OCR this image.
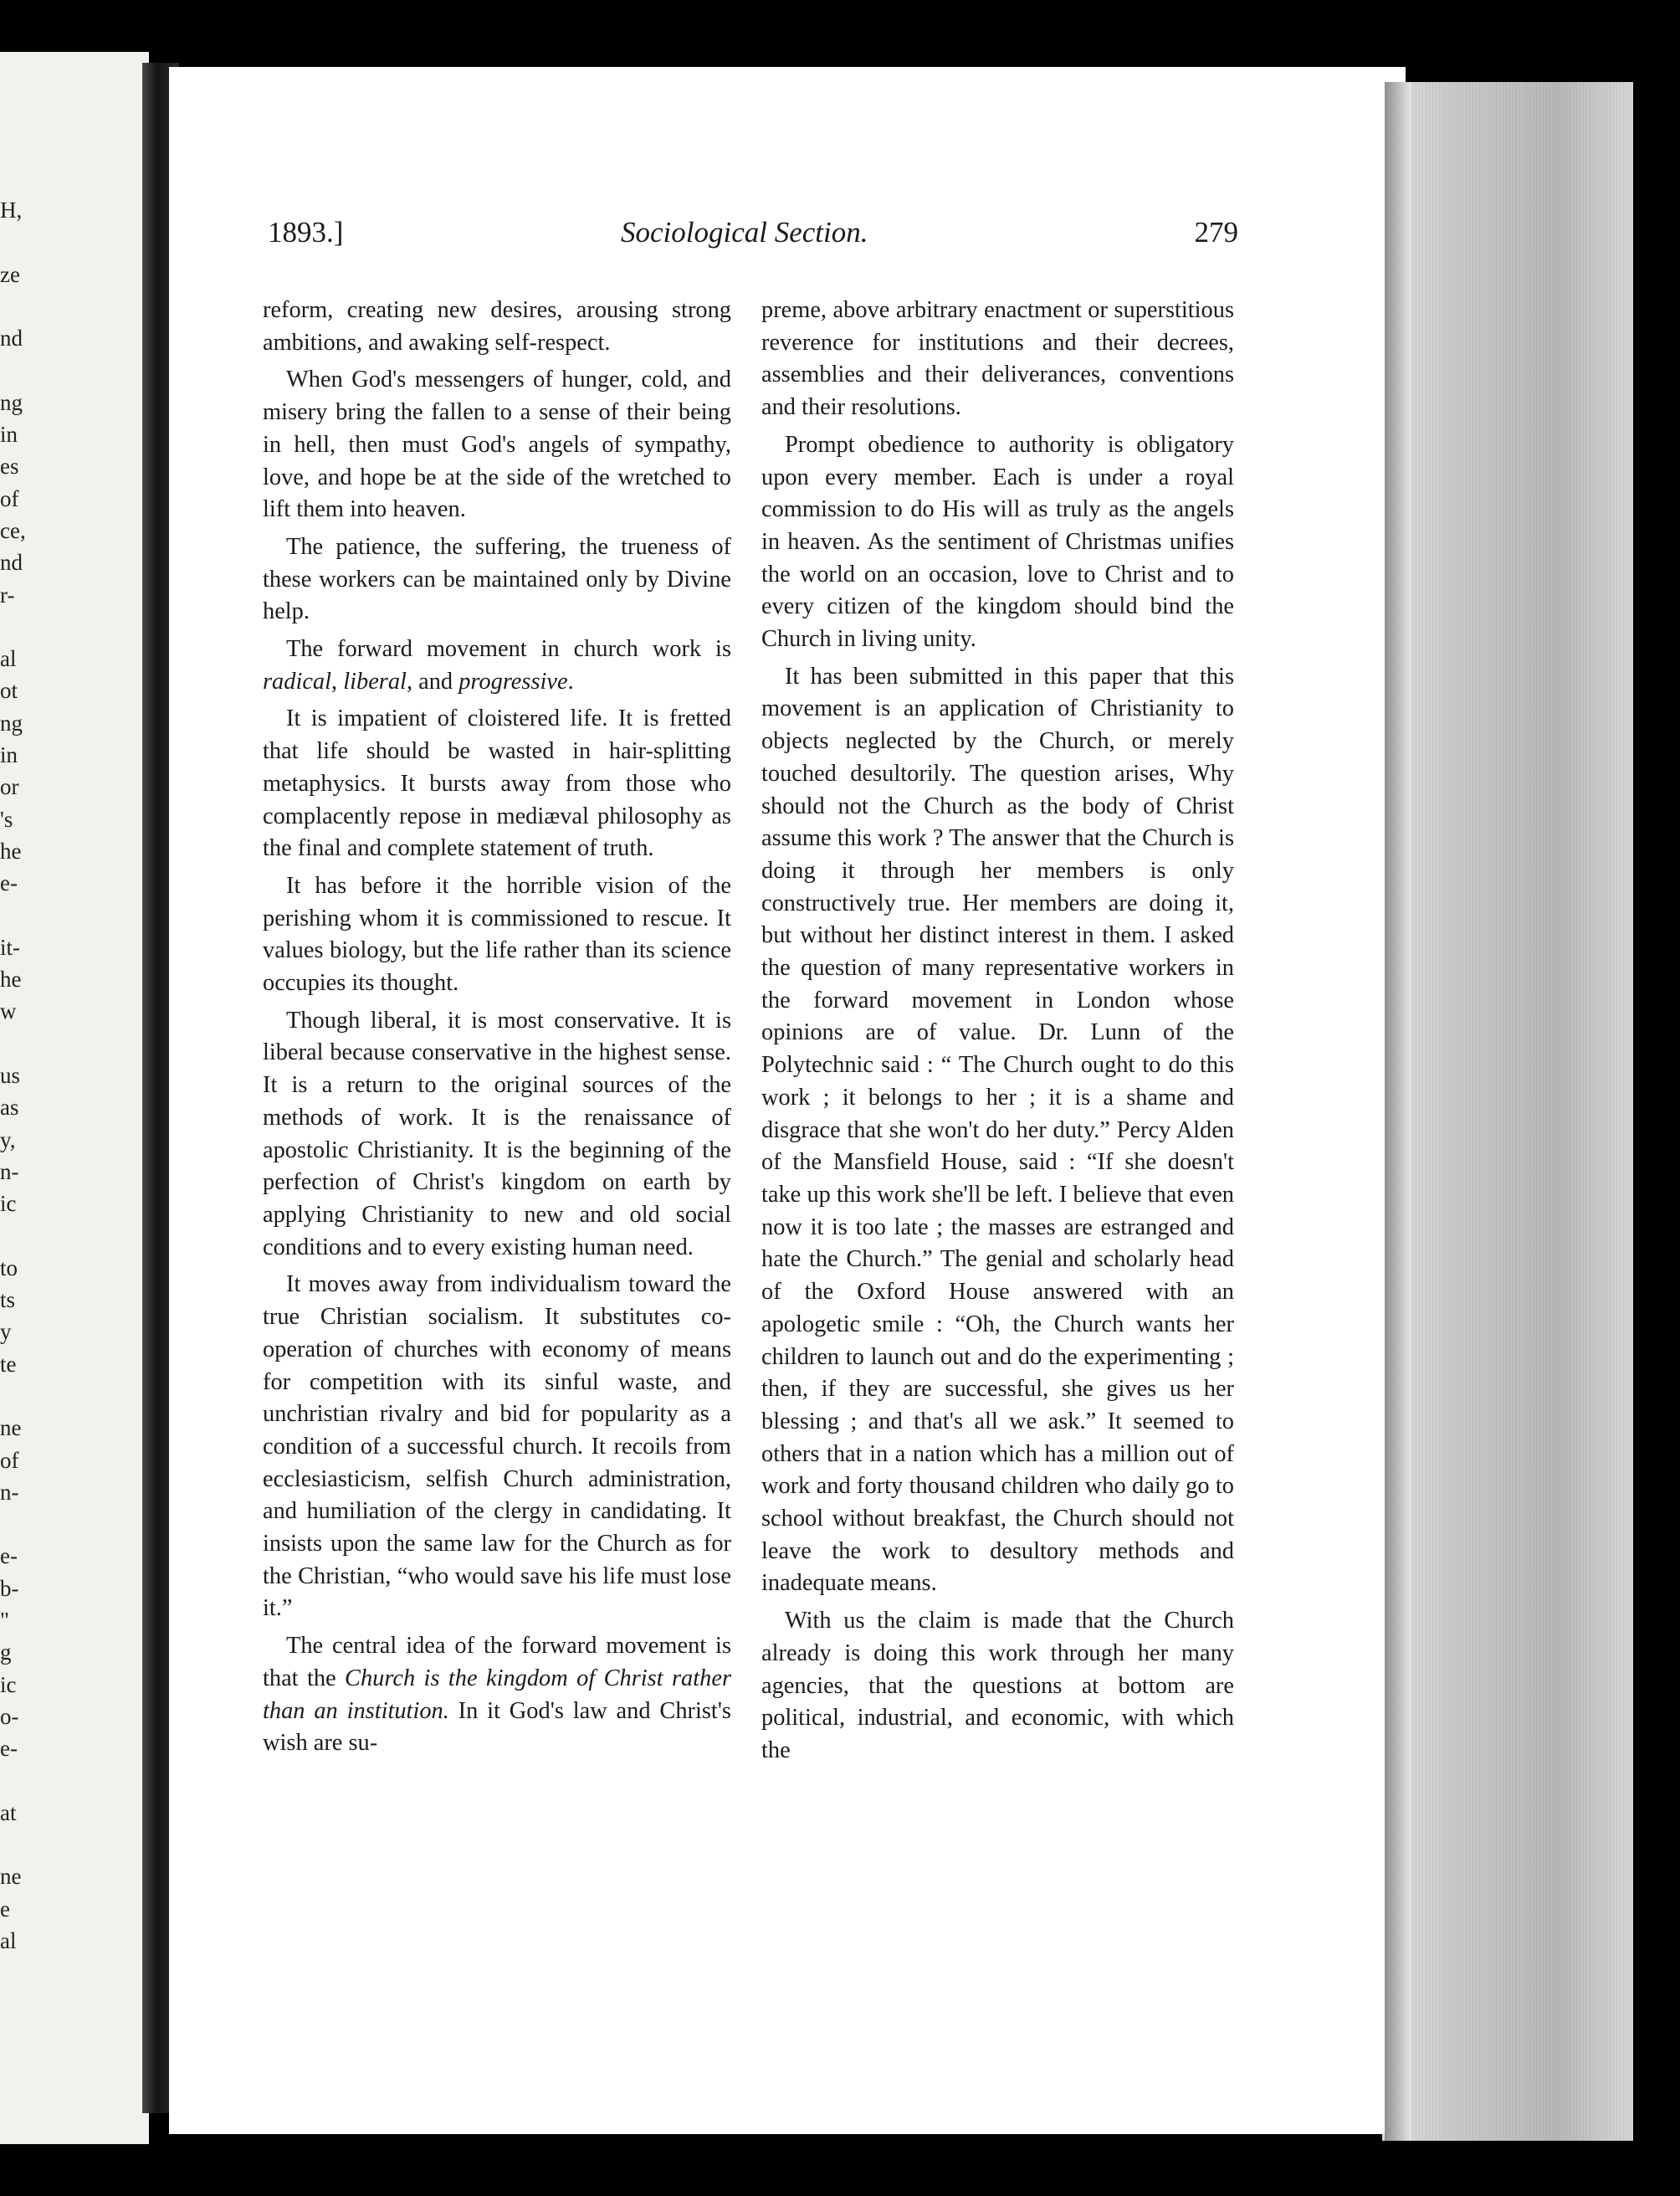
H,
ze
nd
ng
in
es
of
ce,
nd
r-
al
ot
ng
in
or
's
he
e-
it-
he
w
us
as
y,
n-
ic
to
ts
y
te
ne
of
n-
e-
b-
"
g
ic
o-
e-
at
ne
e
al
1893.]	Sociological Section.	279

reform, creating new desires, arousing strong ambitions, and awaking self-respect.

When God's messengers of hunger, cold, and misery bring the fallen to a sense of their being in hell, then must God's angels of sympathy, love, and hope be at the side of the wretched to lift them into heaven.

The patience, the suffering, the trueness of these workers can be maintained only by Divine help.

The forward movement in church work is radical, liberal, and progressive.

It is impatient of cloistered life. It is fretted that life should be wasted in hair-splitting metaphysics. It bursts away from those who complacently repose in mediæval philosophy as the final and complete statement of truth.

It has before it the horrible vision of the perishing whom it is commissioned to rescue. It values biology, but the life rather than its science occupies its thought.

Though liberal, it is most conservative. It is liberal because conservative in the highest sense. It is a return to the original sources of the methods of work. It is the renaissance of apostolic Christianity. It is the beginning of the perfection of Christ's kingdom on earth by applying Christianity to new and old social conditions and to every existing human need.

It moves away from individualism toward the true Christian socialism. It substitutes co-operation of churches with economy of means for competition with its sinful waste, and unchristian rivalry and bid for popularity as a condition of a successful church. It recoils from ecclesiasticism, selfish Church administration, and humiliation of the clergy in candidating. It insists upon the same law for the Church as for the Christian, “who would save his life must lose it.”

The central idea of the forward movement is that the Church is the kingdom of Christ rather than an institution. In it God's law and Christ's wish are su-

preme, above arbitrary enactment or superstitious reverence for institutions and their decrees, assemblies and their deliverances, conventions and their resolutions.

Prompt obedience to authority is obligatory upon every member. Each is under a royal commission to do His will as truly as the angels in heaven. As the sentiment of Christmas unifies the world on an occasion, love to Christ and to every citizen of the kingdom should bind the Church in living unity.

It has been submitted in this paper that this movement is an application of Christianity to objects neglected by the Church, or merely touched desultorily. The question arises, Why should not the Church as the body of Christ assume this work ? The answer that the Church is doing it through her members is only constructively true. Her members are doing it, but without her distinct interest in them. I asked the question of many representative workers in the forward movement in London whose opinions are of value. Dr. Lunn of the Polytechnic said : “ The Church ought to do this work ; it belongs to her ; it is a shame and disgrace that she won't do her duty.” Percy Alden of the Mansfield House, said : “If she doesn't take up this work she'll be left. I believe that even now it is too late ; the masses are estranged and hate the Church.” The genial and scholarly head of the Oxford House answered with an apologetic smile : “Oh, the Church wants her children to launch out and do the experimenting ; then, if they are successful, she gives us her blessing ; and that's all we ask.” It seemed to others that in a nation which has a million out of work and forty thousand children who daily go to school without breakfast, the Church should not leave the work to desultory methods and inadequate means.

With us the claim is made that the Church already is doing this work through her many agencies, that the questions at bottom are political, industrial, and economic, with which the
